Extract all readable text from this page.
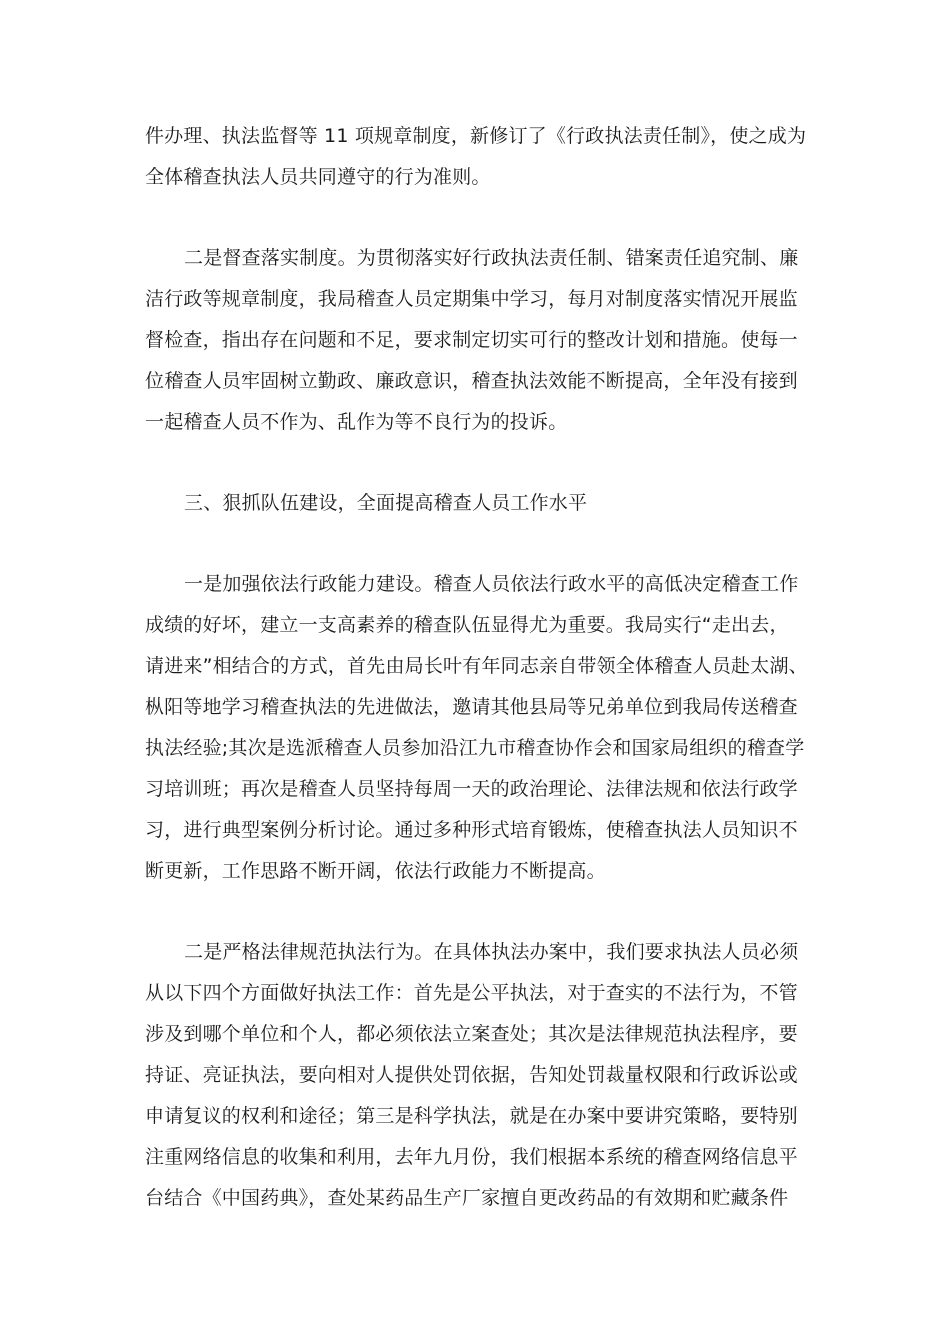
件办理、执法监督等 11 项规章制度，新修订了《行政执法责任制》，使之成为
全体稽查执法人员共同遵守的行为准则。
二是督查落实制度。为贯彻落实好行政执法责任制、错案责任追究制、廉
洁行政等规章制度，我局稽查人员定期集中学习，每月对制度落实情况开展监
督检查，指出存在问题和不足，要求制定切实可行的整改计划和措施。使每一
位稽查人员牢固树立勤政、廉政意识，稽查执法效能不断提高，全年没有接到
一起稽查人员不作为、乱作为等不良行为的投诉。
三、狠抓队伍建设，全面提高稽查人员工作水平
一是加强依法行政能力建设。稽查人员依法行政水平的高低决定稽查工作
成绩的好坏，建立一支高素养的稽查队伍显得尤为重要。我局实行“走出去，
请进来”相结合的方式，首先由局长叶有年同志亲自带领全体稽查人员赴太湖、
枞阳等地学习稽查执法的先进做法，邀请其他县局等兄弟单位到我局传送稽查
执法经验;其次是选派稽查人员参加沿江九市稽查协作会和国家局组织的稽查学
习培训班；再次是稽查人员坚持每周一天的政治理论、法律法规和依法行政学
习，进行典型案例分析讨论。通过多种形式培育锻炼，使稽查执法人员知识不
断更新，工作思路不断开阔，依法行政能力不断提高。
二是严格法律规范执法行为。在具体执法办案中，我们要求执法人员必须
从以下四个方面做好执法工作：首先是公平执法，对于查实的不法行为，不管
涉及到哪个单位和个人，都必须依法立案查处；其次是法律规范执法程序，要
持证、亮证执法，要向相对人提供处罚依据，告知处罚裁量权限和行政诉讼或
申请复议的权利和途径；第三是科学执法，就是在办案中要讲究策略，要特别
注重网络信息的收集和利用，去年九月份，我们根据本系统的稽查网络信息平
台结合《中国药典》，查处某药品生产厂家擅自更改药品的有效期和贮藏条件
